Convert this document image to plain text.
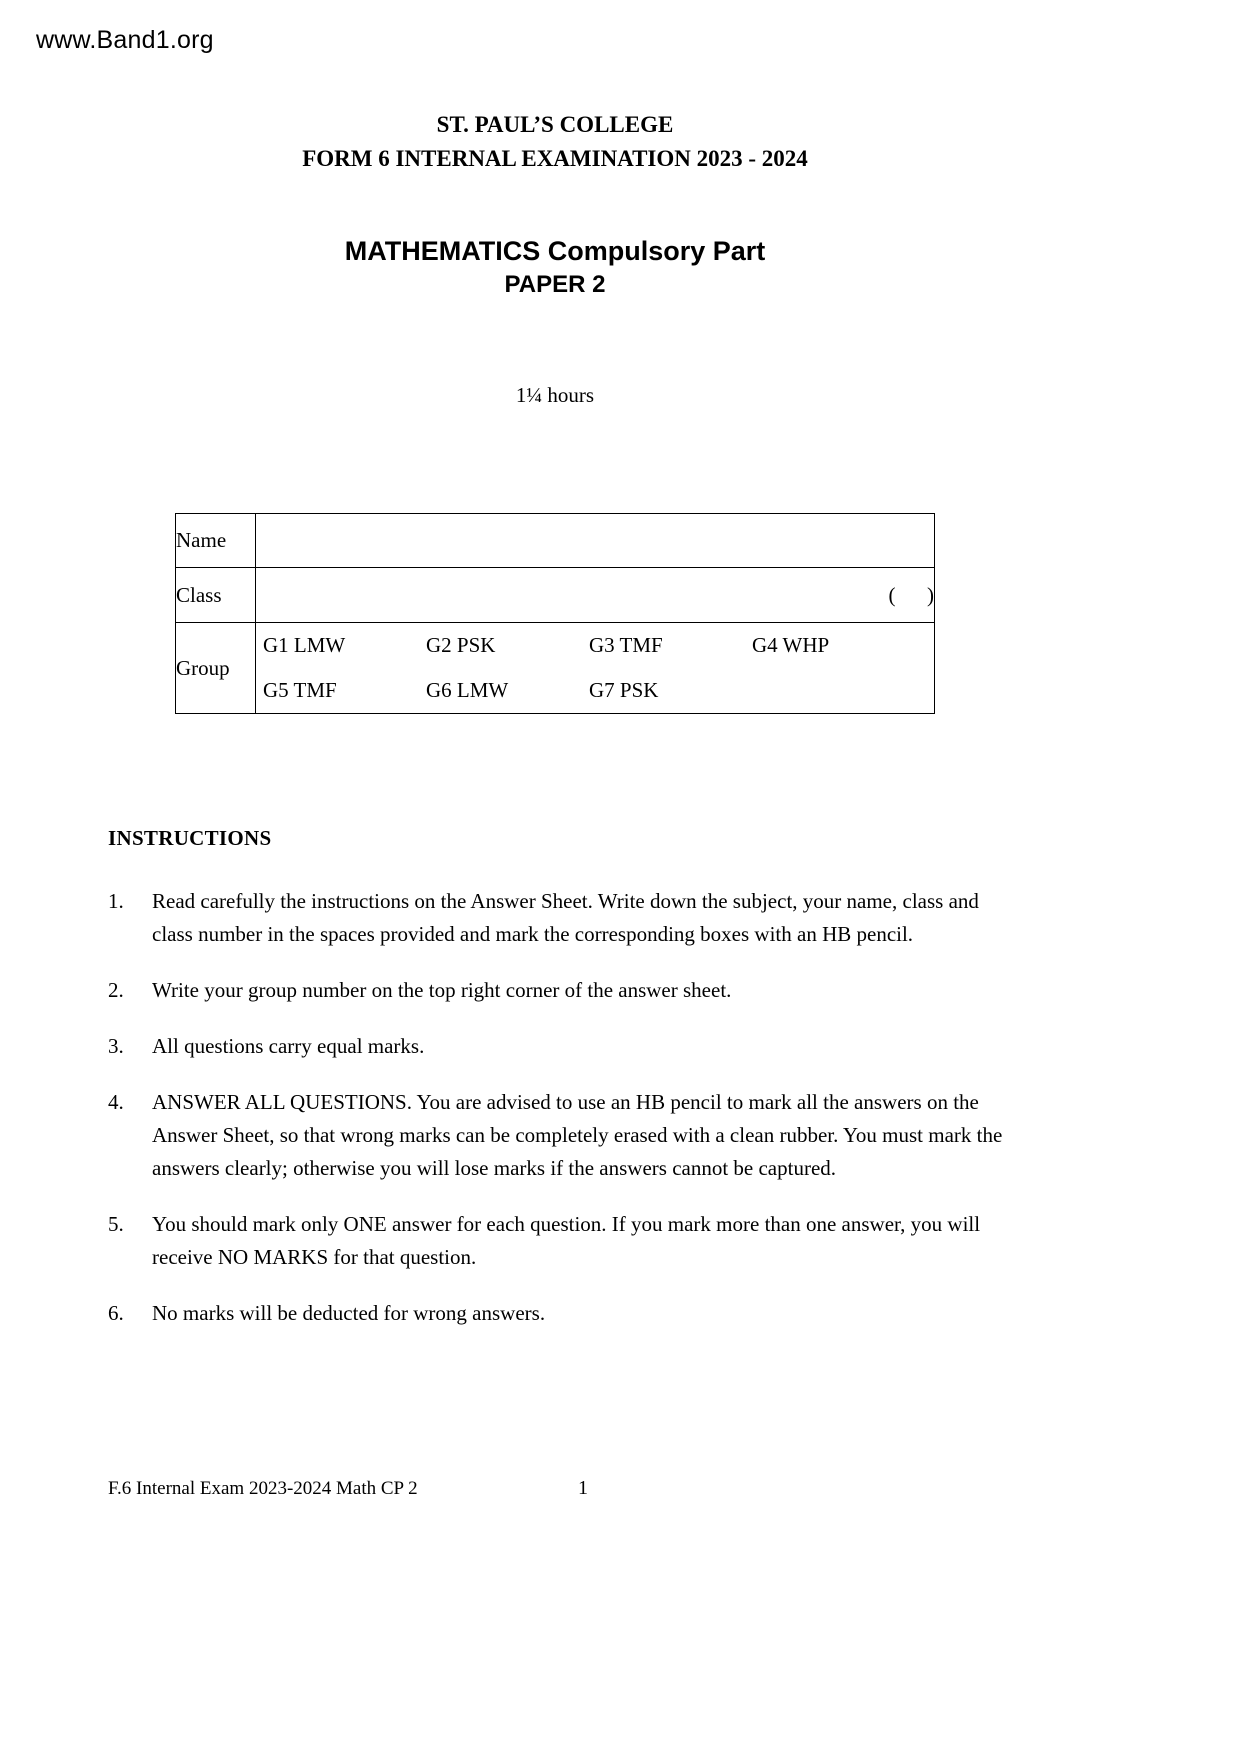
www.Band1.org
ST. PAUL’S COLLEGE
FORM 6 INTERNAL EXAMINATION 2023 - 2024
MATHEMATICS Compulsory Part
PAPER 2
1¼ hours
Name	
Class	(      )
Group	
G1 LMW	G2 PSK	G3 TMF	G4 WHP
G5 TMF	G6 LMW	G7 PSK
INSTRUCTIONS
1.	Read carefully the instructions on the Answer Sheet. Write down the subject, your name, class and class number in the spaces provided and mark the corresponding boxes with an HB pencil.
2.	Write your group number on the top right corner of the answer sheet.
3.	All questions carry equal marks.
4.	ANSWER ALL QUESTIONS. You are advised to use an HB pencil to mark all the answers on the Answer Sheet, so that wrong marks can be completely erased with a clean rubber. You must mark the answers clearly; otherwise you will lose marks if the answers cannot be captured.
5.	You should mark only ONE answer for each question. If you mark more than one answer, you will receive NO MARKS for that question.
6.	No marks will be deducted for wrong answers.
F.6 Internal Exam 2023-2024 Math CP 2	1
